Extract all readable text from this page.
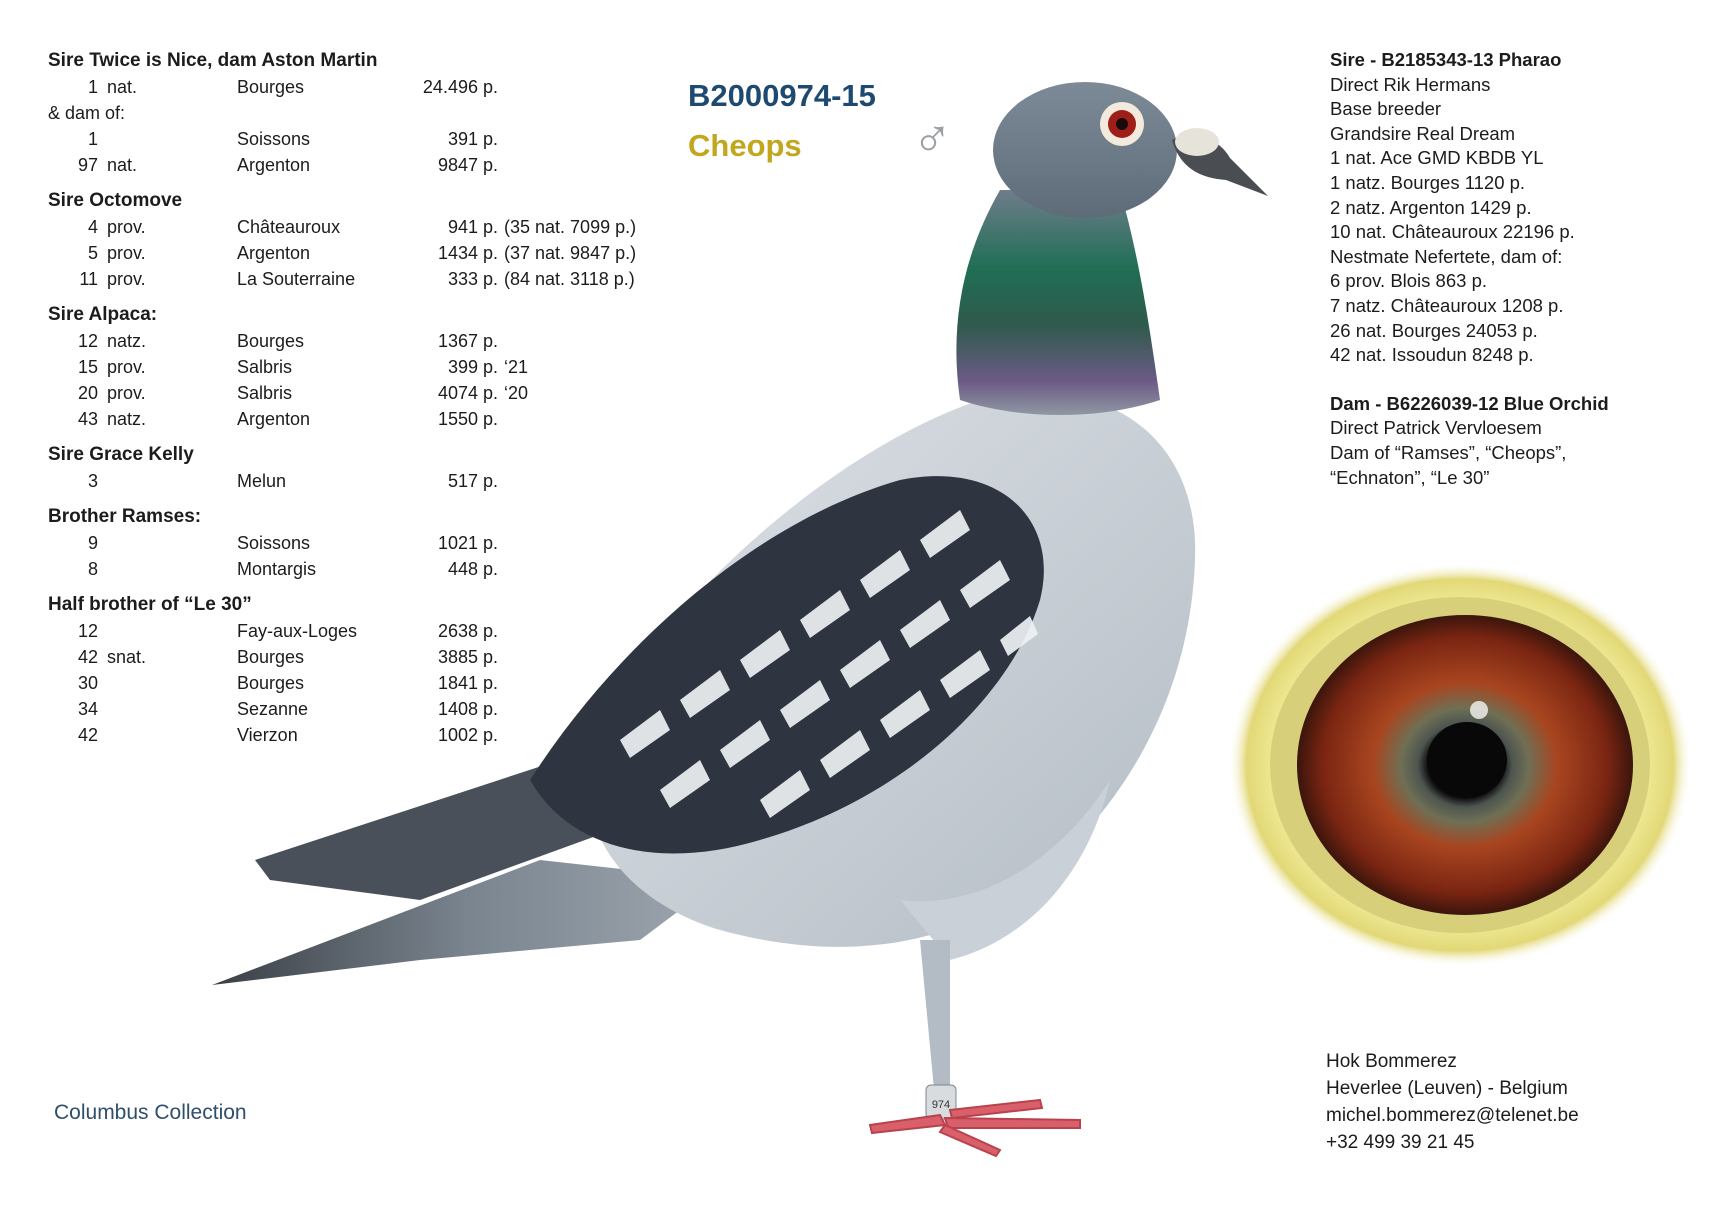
974
B2000974-15
Cheops ♂

Sire Twice is Nice, dam Aston Martin

1 nat.	Bourges	24.496 p.

& dam of:

1	Soissons	391 p.
97 nat.	Argenton	9847 p.

Sire Octomove

4 prov.	Châteauroux	941 p. (35 nat. 7099 p.)
5 prov.	Argenton	1434 p. (37 nat. 9847 p.)
11 prov.	La Souterraine	333 p. (84 nat. 3118 p.)

Sire Alpaca:

12 natz.	Bourges	1367 p.
15 prov.	Salbris	399 p. ‘21
20 prov.	Salbris	4074 p. ‘20
43 natz.	Argenton	1550 p.

Sire Grace Kelly

3	Melun	517 p.

Brother Ramses:

9	Soissons	1021 p.
8	Montargis	448 p.

Half brother of “Le 30”

12	Fay-aux-Loges	2638 p.
42 snat.	Bourges	3885 p.
30	Bourges	1841 p.
34	Sezanne	1408 p.
42	Vierzon	1002 p.

Sire - B2185343-13 Pharao

Direct Rik Hermans

Base breeder

Grandsire Real Dream

1 nat. Ace GMD KBDB YL

1 natz. Bourges 1120 p.

2 natz. Argenton 1429 p.

10 nat. Châteauroux 22196 p.

Nestmate Nefertete, dam of:

6 prov. Blois 863 p.

7 natz. Châteauroux 1208 p.

26 nat. Bourges 24053 p.

42 nat. Issoudun 8248 p.

Dam - B6226039-12 Blue Orchid

Direct Patrick Vervloesem

Dam of “Ramses”, “Cheops”,

“Echnaton”, “Le 30”

Hok Bommerez

Heverlee (Leuven) - Belgium

michel.bommerez@telenet.be

+32 499 39 21 45

Columbus Collection
